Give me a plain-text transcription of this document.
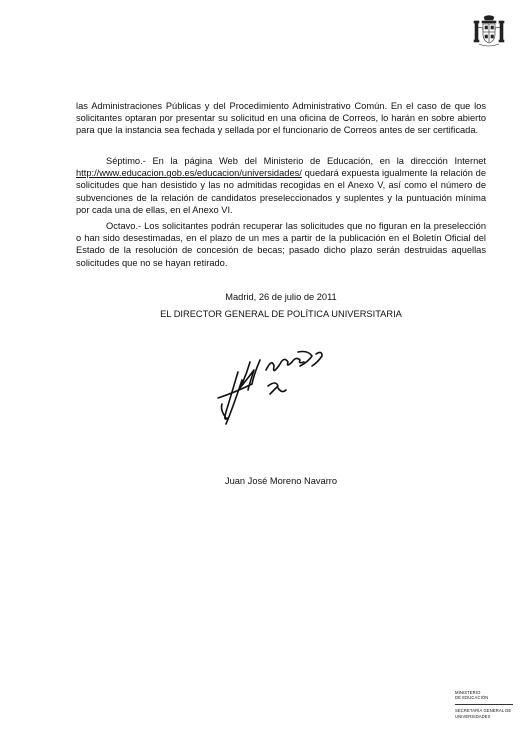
las Administraciones Públicas y del Procedimiento Administrativo Común. En el caso de que los solicitantes optaran por presentar su solicitud en una oficina de Correos, lo harán en sobre abierto para que la instancia sea fechada y sellada por el funcionario de Correos antes de ser certificada.

Séptimo.- En la página Web del Ministerio de Educación, en la dirección Internet http://www.educacion.gob.es/educacion/universidades/ quedará expuesta igualmente la relación de solicitudes que han desistido y las no admitidas recogidas en el Anexo V, así como el número de subvenciones de la relación de candidatos preseleccionados y suplentes y la puntuación mínima por cada una de ellas, en el Anexo VI.

Octavo.- Los solicitantes podrán recuperar las solicitudes que no figuran en la preselección o han sido desestimadas, en el plazo de un mes a partir de la publicación en el Boletín Oficial del Estado de la resolución de concesión de becas; pasado dicho plazo serán destruidas aquellas solicitudes que no se hayan retirado.

Madrid, 26 de julio de 2011
EL DIRECTOR GENERAL DE POLÍTICA UNIVERSITARIA
Juan José Moreno Navarro
MINISTERIO
DE EDUCACIÓN
SECRETARÍA GENERAL DE
UNIVERSIDADES
